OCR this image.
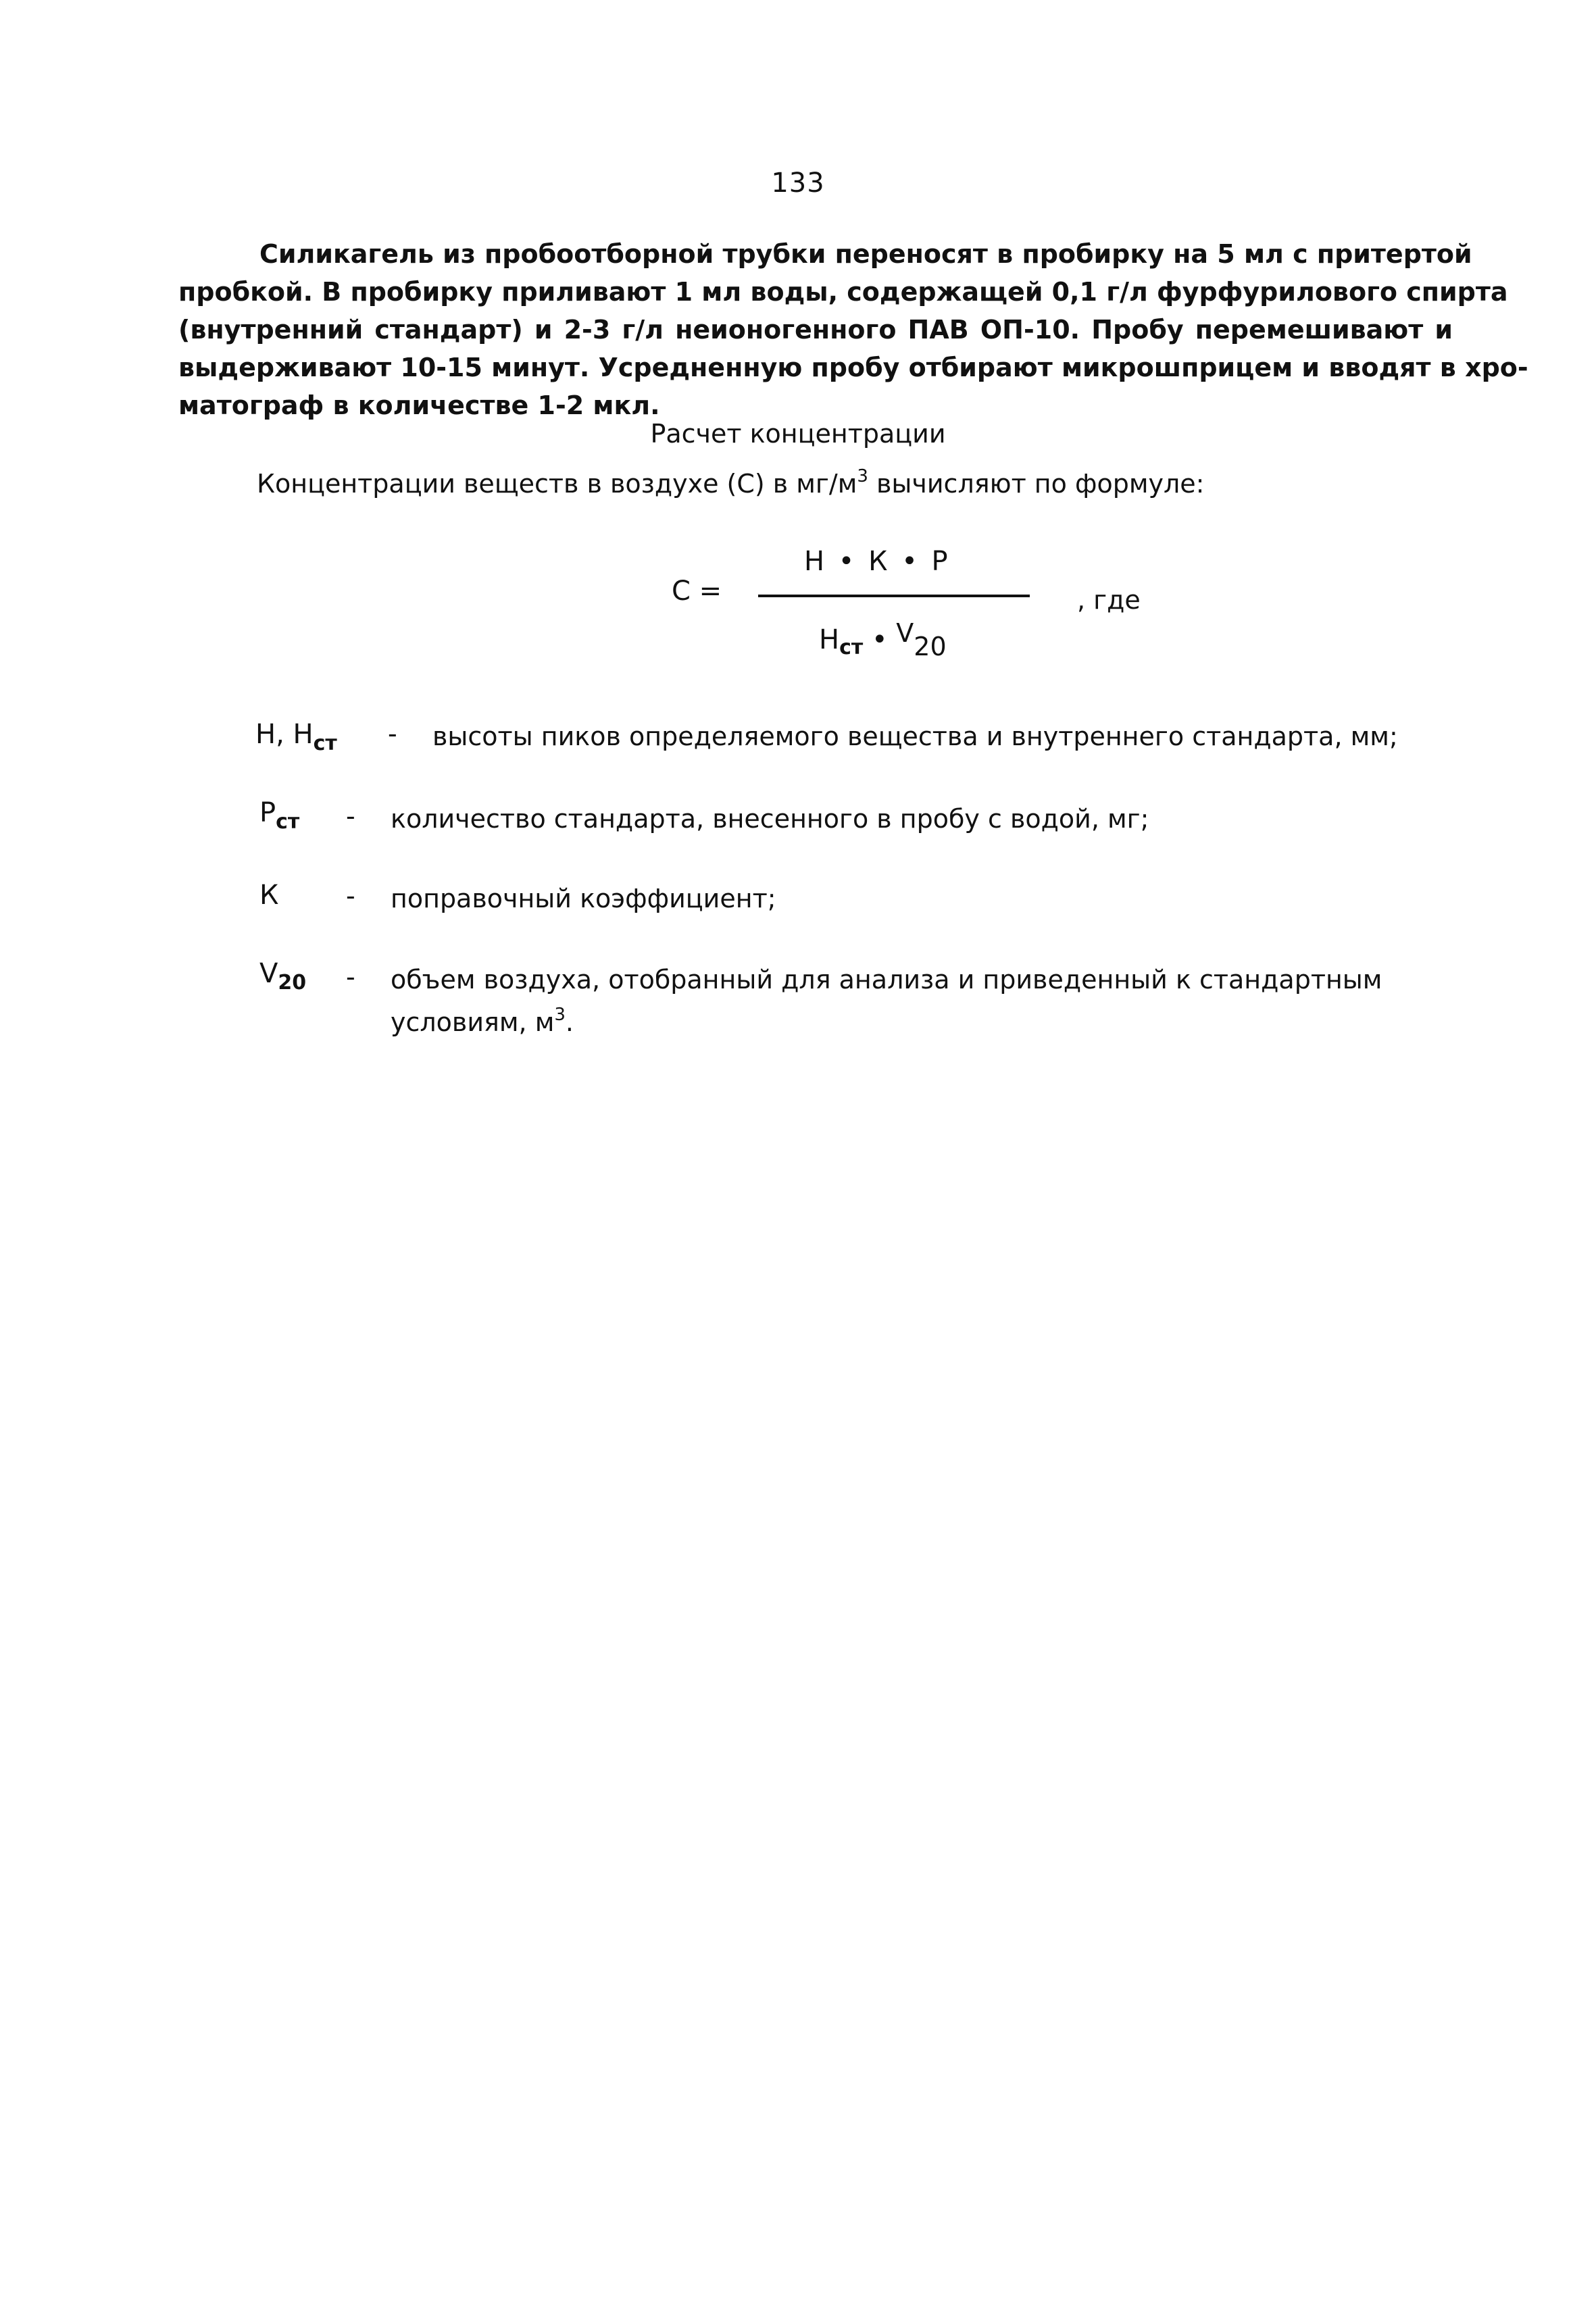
133
Силикагель из пробоотборной трубки переносят в пробирку на 5 мл с притертой
пробкой. В пробирку приливают 1 мл воды, содержащей 0,1 г/л фурфурилового спирта
(внутренний стандарт) и 2-3 г/л неионогенного ПАВ ОП-10. Пробу перемешивают и
выдерживают 10-15 минут. Усредненную пробу отбирают микрошприцем и вводят в хро-
матограф в количестве 1-2 мкл.
Расчет концентрации
Концентрации веществ в воздухе (С) в $мг/м^3$ вычисляют по формуле:
С =
Н • К • Р
$Н_{ст}$ • V20
, где
Н, $Н_{ст}$ - высоты пиков определяемого вещества и внутреннего стандарта, мм;
$Р_{ст}$ - количество стандарта, внесенного в пробу с водой, мг;
К	- поправочный коэффициент;
$V_{20}$ - объем воздуха, отобранный для анализа и приведенный к стандартным
условиям, $м^3$.
